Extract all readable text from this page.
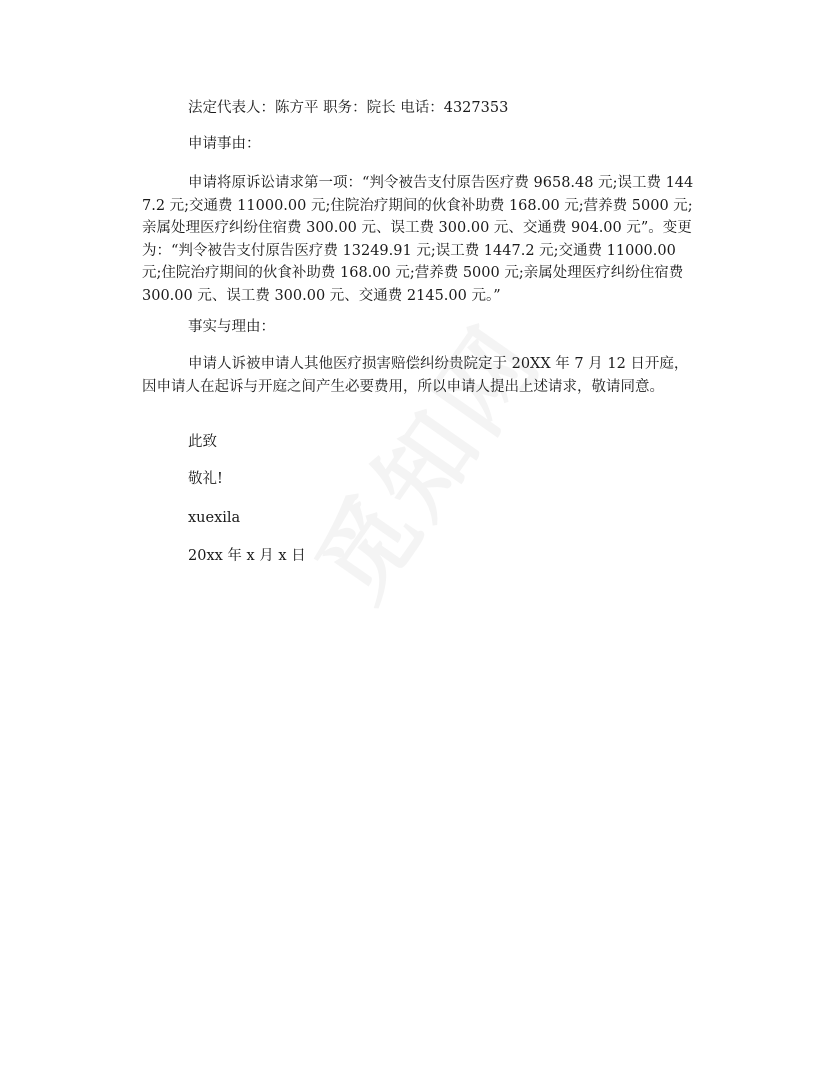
法定代表人：陈方平 职务：院长 电话：4327353
申请事由：
申请将原诉讼请求第一项：“判令被告支付原告医疗费 9658.48 元;误工费 1447.2 元;交通费 11000.00 元;住院治疗期间的伙食补助费 168.00 元;营养费 5000 元;亲属处理医疗纠纷住宿费 300.00 元、误工费 300.00 元、交通费 904.00 元”。变更为：“判令被告支付原告医疗费 13249.91 元;误工费 1447.2 元;交通费 11000.00 元;住院治疗期间的伙食补助费 168.00 元;营养费 5000 元;亲属处理医疗纠纷住宿费 300.00 元、误工费 300.00 元、交通费 2145.00 元。”
事实与理由：
申请人诉被申请人其他医疗损害赔偿纠纷贵院定于 20XX 年 7 月 12 日开庭，因申请人在起诉与开庭之间产生必要费用，所以申请人提出上述请求，敬请同意。
此致
敬礼!
xuexila
20xx 年 x 月 x 日
